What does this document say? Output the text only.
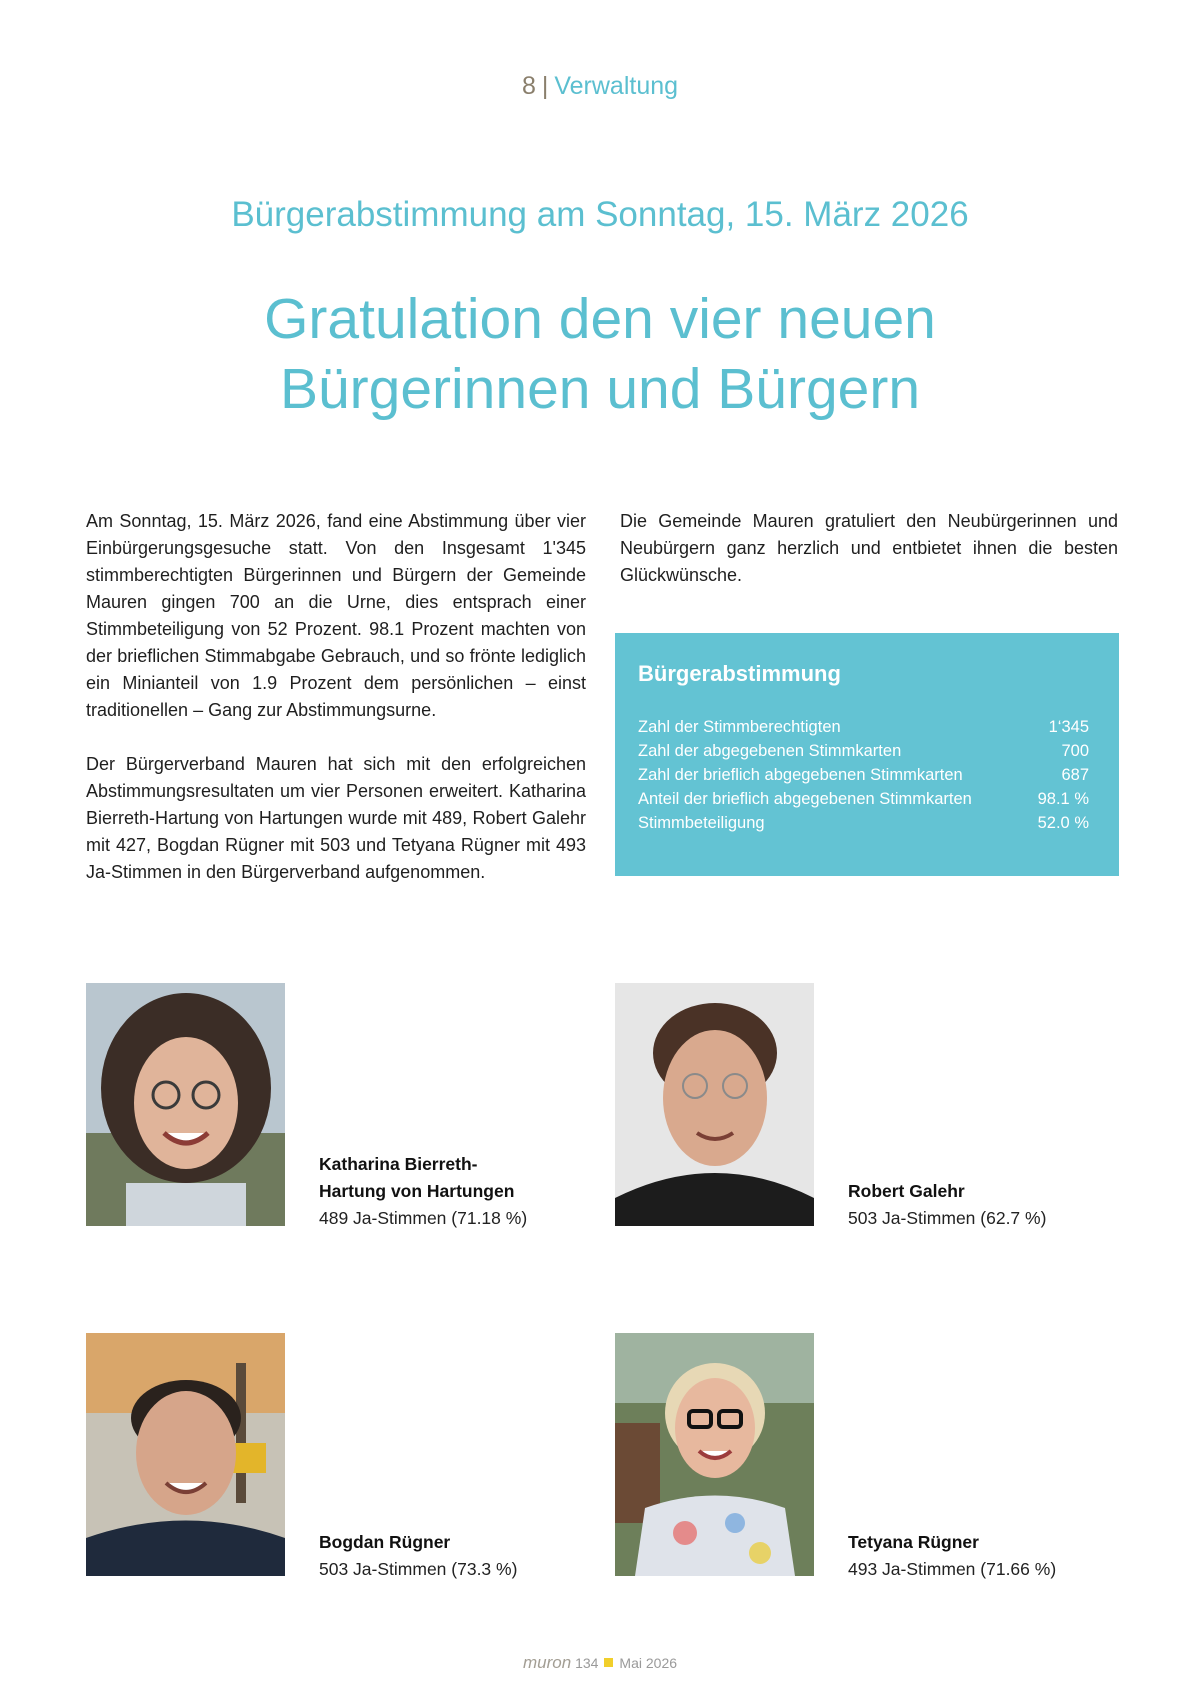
8 | Verwaltung
Bürgerabstimmung am Sonntag, 15. März 2026
Gratulation den vier neuen
Bürgerinnen und Bürgern

Am Sonntag, 15. März 2026, fand eine Abstimmung über vier Einbürgerungsgesuche statt. Von den Insgesamt 1'345 stimmberechtigten Bürgerinnen und Bürgern der Gemeinde Mauren gingen 700 an die Urne, dies entsprach einer Stimmbeteiligung von 52 Prozent. 98.1 Prozent machten von der brieflichen Stimmabgabe Gebrauch, und so frönte lediglich ein Minianteil von 1.9 Prozent dem persönlichen – einst traditionellen – Gang zur Abstimmungsurne.

Der Bürgerverband Mauren hat sich mit den erfolgreichen Abstimmungsresultaten um vier Personen erweitert. Katharina Bierreth-Hartung von Hartungen wurde mit 489, Robert Galehr mit 427, Bogdan Rügner mit 503 und Tetyana Rügner mit 493 Ja-Stimmen in den Bürgerverband aufgenommen.

Die Gemeinde Mauren gratuliert den Neubürgerinnen und Neubürgern ganz herzlich und entbietet ihnen die besten Glückwünsche.

Bürgerabstimmung
Zahl der Stimmberechtigten	1‘345
Zahl der abgegebenen Stimmkarten	700
Zahl der brieflich abgegebenen Stimmkarten	687
Anteil der brieflich abgegebenen Stimmkarten	98.1 %
Stimmbeteiligung	52.0 %
Katharina Bierreth-
Hartung von Hartungen
489 Ja-Stimmen (71.18 %)
Robert Galehr
503 Ja-Stimmen (62.7 %)
Bogdan Rügner
503 Ja-Stimmen (73.3 %)
Tetyana Rügner
493 Ja-Stimmen (71.66 %)
muron 134 Mai 2026
